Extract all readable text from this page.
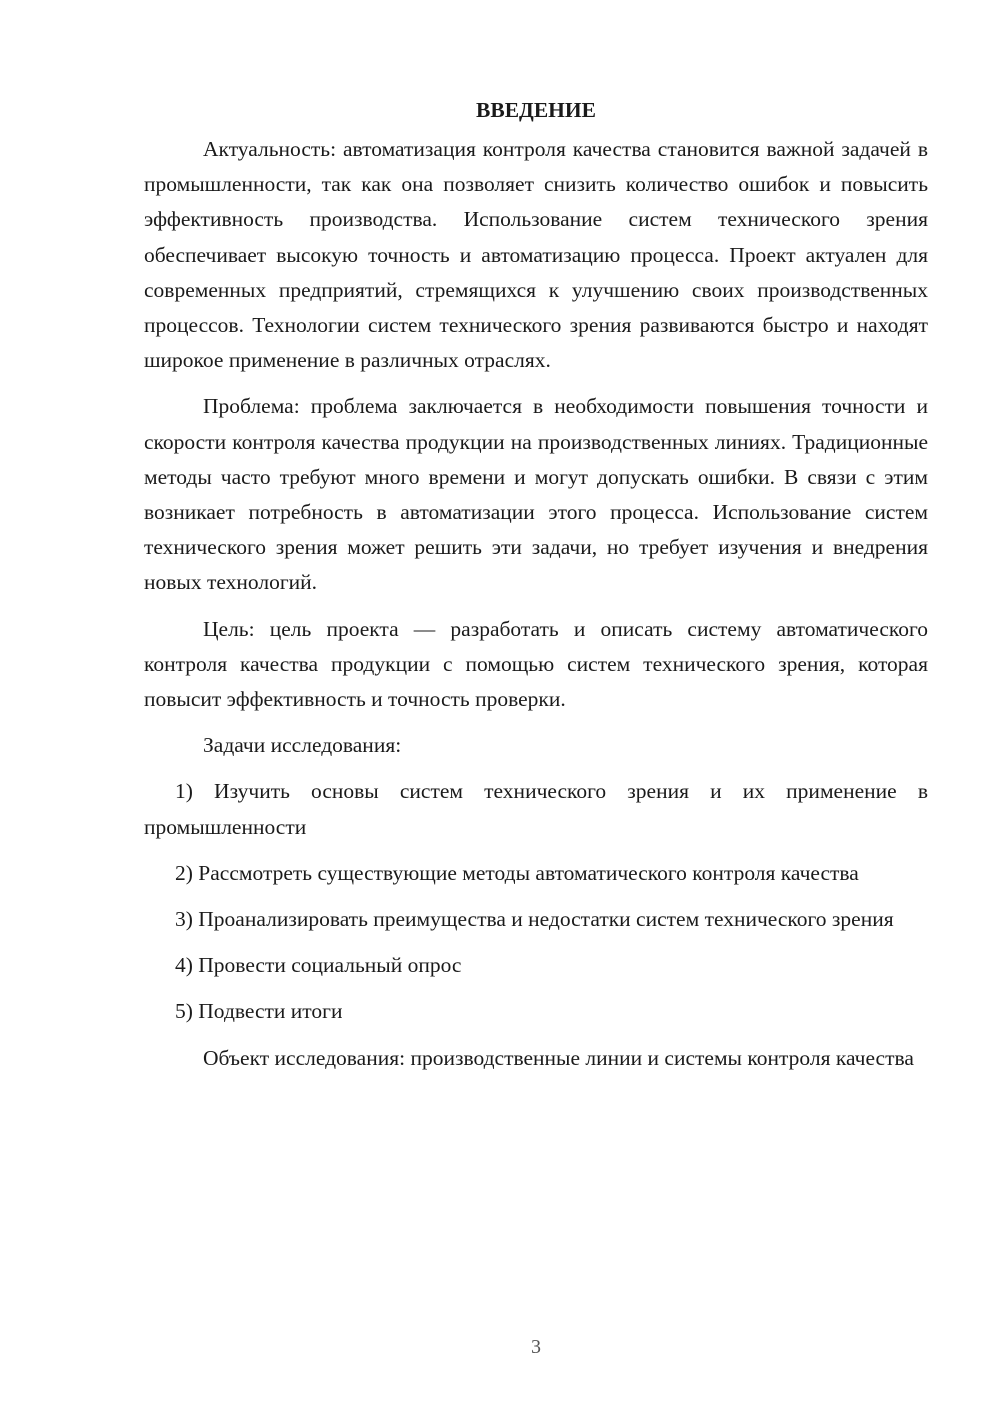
ВВЕДЕНИЕ
Актуальность: автоматизация контроля качества становится важной задачей в промышленности, так как она позволяет снизить количество ошибок и повысить эффективность производства. Использование систем технического зрения обеспечивает высокую точность и автоматизацию процесса. Проект актуален для современных предприятий, стремящихся к улучшению своих производственных процессов. Технологии систем технического зрения развиваются быстро и находят широкое применение в различных отраслях.
Проблема: проблема заключается в необходимости повышения точности и скорости контроля качества продукции на производственных линиях. Традиционные методы часто требуют много времени и могут допускать ошибки. В связи с этим возникает потребность в автоматизации этого процесса. Использование систем технического зрения может решить эти задачи, но требует изучения и внедрения новых технологий.
Цель: цель проекта — разработать и описать систему автоматического контроля качества продукции с помощью систем технического зрения, которая повысит эффективность и точность проверки.
Задачи исследования:
1) Изучить основы систем технического зрения и их применение в промышленности
2) Рассмотреть существующие методы автоматического контроля качества
3) Проанализировать преимущества и недостатки систем технического зрения
4) Провести социальный опрос
5) Подвести итоги
Объект исследования: производственные линии и системы контроля качества
3
